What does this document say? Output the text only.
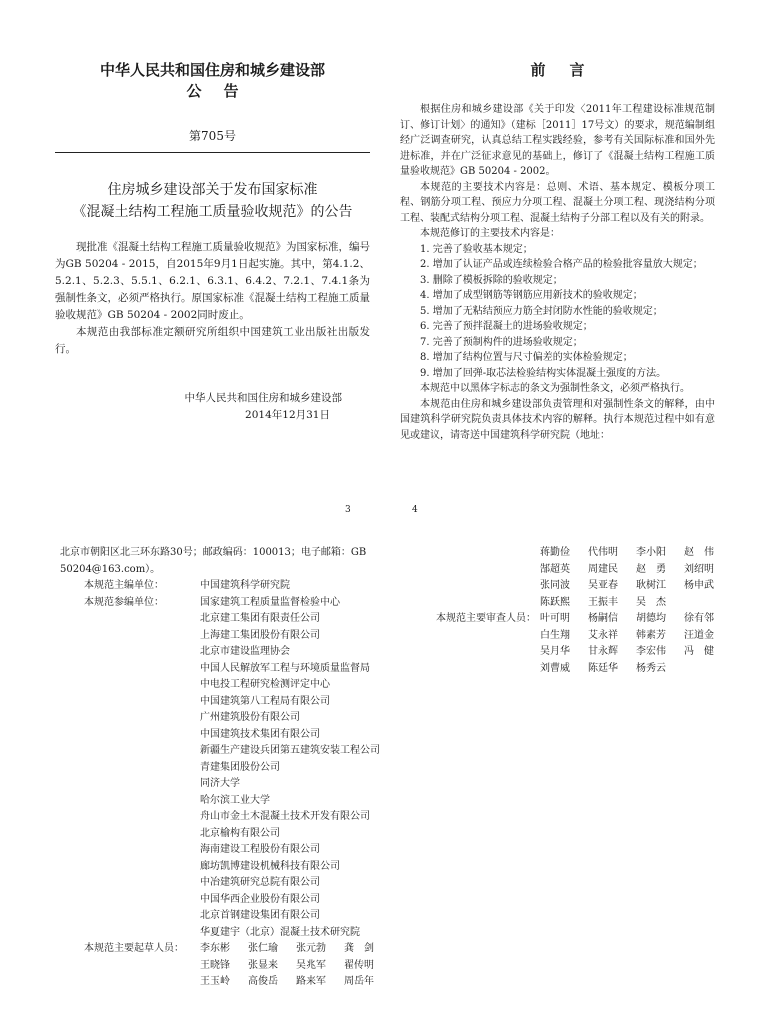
中华人民共和国住房和城乡建设部
公告
第705号
住房城乡建设部关于发布国家标准
《混凝土结构工程施工质量验收规范》的公告

现批准《混凝土结构工程施工质量验收规范》为国家标准，编号为GB 50204 - 2015，自2015年9月1日起实施。其中，第4.1.2、5.2.1、5.2.3、5.5.1、6.2.1、6.3.1、6.4.2、7.2.1、7.4.1条为强制性条文，必须严格执行。原国家标准《混凝土结构工程施工质量验收规范》GB 50204 - 2002同时废止。

本规范由我部标准定额研究所组织中国建筑工业出版社出版发行。

中华人民共和国住房和城乡建设部
2014年12月31日
3
前言

根据住房和城乡建设部《关于印发〈2011年工程建设标准规范制订、修订计划〉的通知》（建标［2011］17号文）的要求，规范编制组经广泛调查研究，认真总结工程实践经验，参考有关国际标准和国外先进标准，并在广泛征求意见的基础上，修订了《混凝土结构工程施工质量验收规范》GB 50204 - 2002。

本规范的主要技术内容是：总则、术语、基本规定、模板分项工程、钢筋分项工程、预应力分项工程、混凝土分项工程、现浇结构分项工程、装配式结构分项工程、混凝土结构子分部工程以及有关的附录。

本规范修订的主要技术内容是：

1. 完善了验收基本规定；

2. 增加了认证产品或连续检验合格产品的检验批容量放大规定；

3. 删除了模板拆除的验收规定；

4. 增加了成型钢筋等钢筋应用新技术的验收规定；

5. 增加了无粘结预应力筋全封闭防水性能的验收规定；

6. 完善了预拌混凝土的进场验收规定；

7. 完善了预制构件的进场验收规定；

8. 增加了结构位置与尺寸偏差的实体检验规定；

9. 增加了回弹-取芯法检验结构实体混凝土强度的方法。

本规范中以黑体字标志的条文为强制性条文，必须严格执行。

本规范由住房和城乡建设部负责管理和对强制性条文的解释，由中国建筑科学研究院负责具体技术内容的解释。执行本规范过程中如有意见或建议，请寄送中国建筑科学研究院（地址：

4

北京市朝阳区北三环东路30号；邮政编码：100013；电子邮箱：GB 50204@163.com）。

本规范主编单位：	中国建筑科学研究院
本规范参编单位：	国家建筑工程质量监督检验中心
北京建工集团有限责任公司
上海建工集团股份有限公司
北京市建设监理协会
中国人民解放军工程与环境质量监督局
中电投工程研究检测评定中心
中国建筑第八工程局有限公司
广州建筑股份有限公司
中国建筑技术集团有限公司
新疆生产建设兵团第五建筑安装工程公司
青建集团股份公司
同济大学
哈尔滨工业大学
舟山市金土木混凝土技术开发有限公司
北京榆构有限公司
海南建设工程股份有限公司
廊坊凯博建设机械科技有限公司
中冶建筑研究总院有限公司
中国华西企业股份有限公司
北京首钢建设集团有限公司
华夏建宇（北京）混凝土技术研究院
本规范主要起草人员：	李东彬	张仁瑜	张元勃	龚　剑
王晓锋	张显来	吴兆军	翟传明
王玉岭	高俊岳	路来军	周岳年
蒋勤俭	代伟明	李小阳	赵　伟
郜超英	周建民	赵　勇	刘绍明
张同波	吴亚春	耿树江	杨申武
陈跃熙	王振丰	吴　杰
本规范主要审查人员： 叶可明	杨嗣信	胡德均	徐有邻
白生翔	艾永祥	韩素芳	汪道金
吴月华	甘永辉	李宏伟	冯　健
刘曹威	陈廷华	杨秀云
